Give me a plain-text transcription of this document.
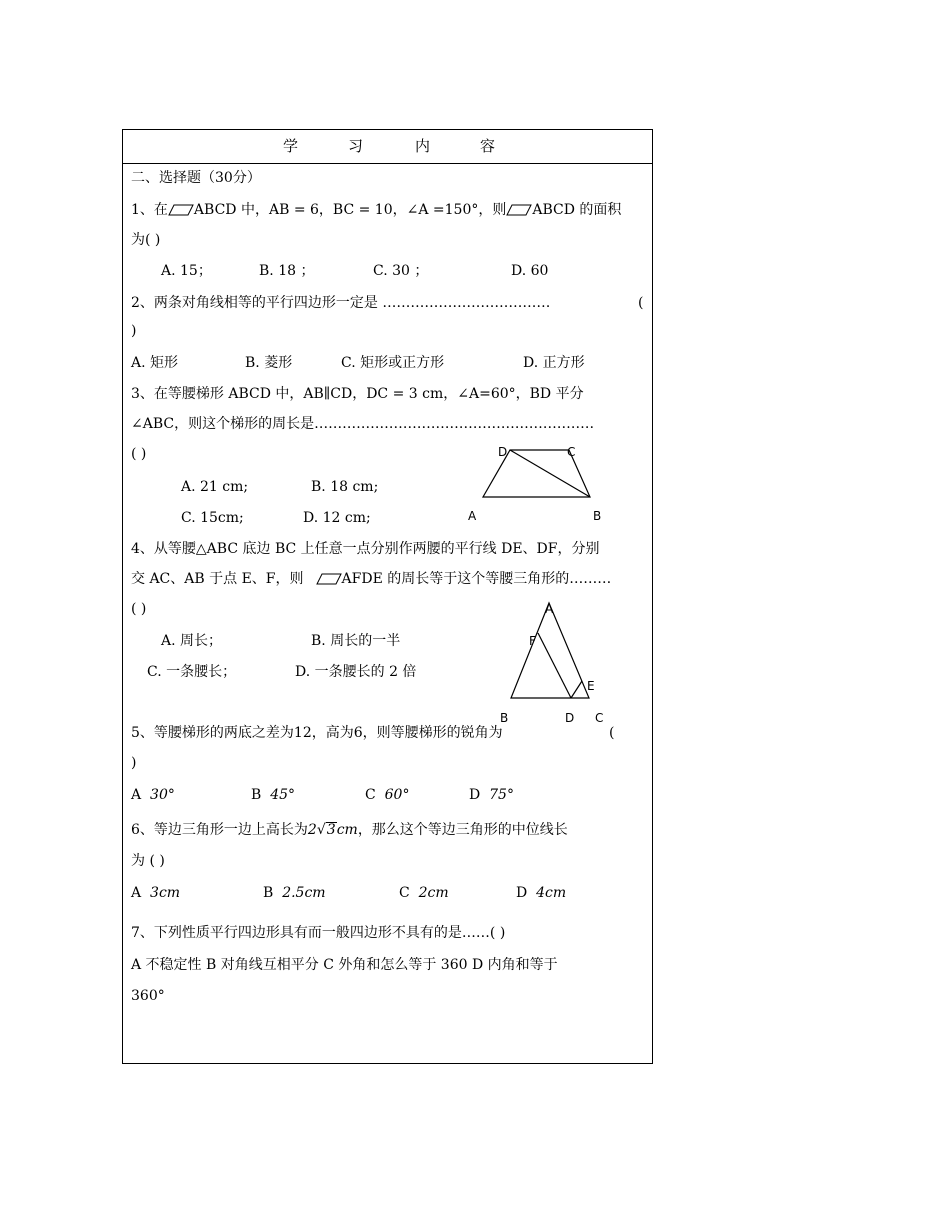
学	习	内	容
二、选择题（30分）
1、在 ABCD 中，AB = 6，BC = 10，∠A =150°，则 ABCD 的面积
为( )
A. 15；	B. 18 ；	C. 30 ；	D. 60
2、两条对角线相等的平行四边形一定是 ………………………………	(
)
A. 矩形	B. 菱形	C. 矩形或正方形	D. 正方形
3、在等腰梯形 ABCD 中，AB∥CD，DC = 3 cm，∠A=60°，BD 平分
∠ABC，则这个梯形的周长是……………………………………………………
( )
A. 21 cm;	B. 18 cm;
C. 15cm;	D. 12 cm;
D	C
A	B
4、从等腰△ABC 底边 BC 上任意一点分别作两腰的平行线 DE、DF，分别
交 AC、AB 于点 E、F，则	AFDE 的周长等于这个等腰三角形的………
( )
A. 周长；	B. 周长的一半
C. 一条腰长；	D. 一条腰长的 2 倍
A
F
E
B	D C
5、等腰梯形的两底之差为12，高为6，则等腰梯形的锐角为	(
)
A 30°	B 45°	C 60°	D 75°
6、等边三角形一边上高长为2√3cm，那么这个等边三角形的中位线长
为 ( )
A 3cm	B 2.5cm	C 2cm	D 4cm
7、下列性质平行四边形具有而一般四边形不具有的是……( )
A 不稳定性 B 对角线互相平分 C 外角和怎么等于 360 D 内角和等于
360°
